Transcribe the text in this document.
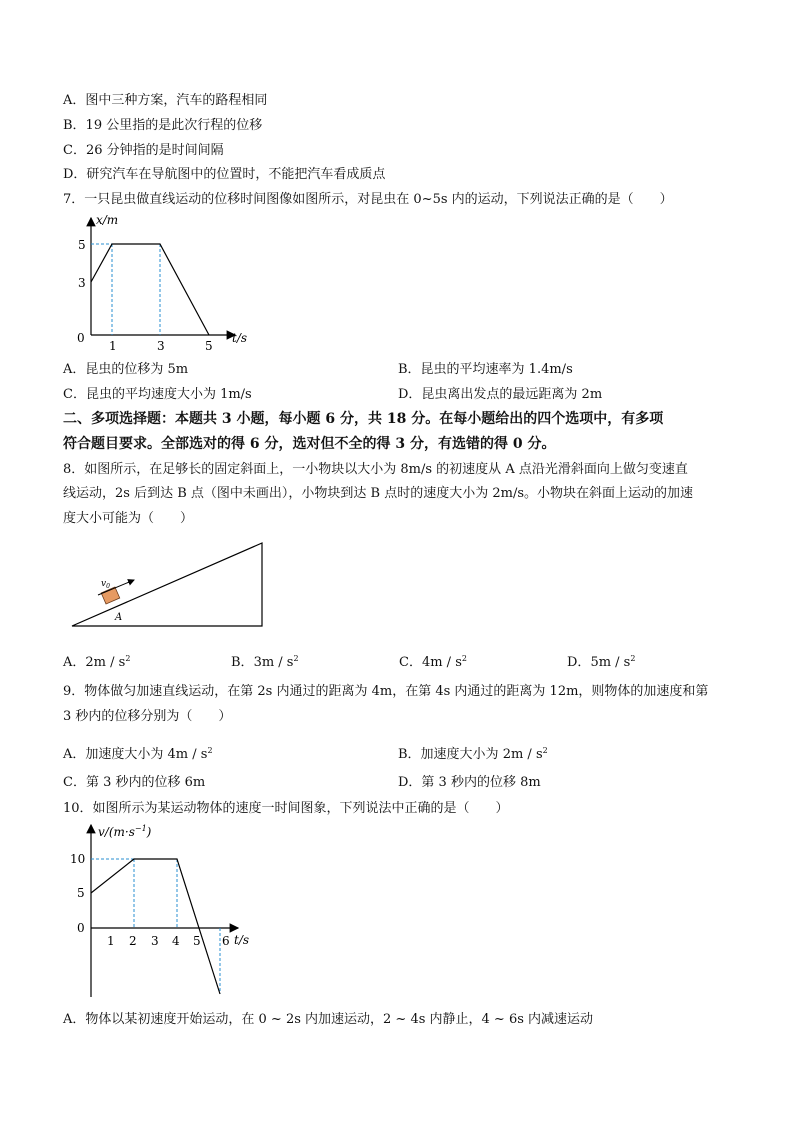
A．图中三种方案，汽车的路程相同
B．19 公里指的是此次行程的位移
C．26 分钟指的是时间间隔
D．研究汽车在导航图中的位置时，不能把汽车看成质点
7．一只昆虫做直线运动的位移时间图像如图所示，对昆虫在 0~5s 内的运动，下列说法正确的是（　　）
x/m
t/s
0
5
3
1	3	5
A．昆虫的位移为 5m	B．昆虫的平均速率为 1.4m/s
C．昆虫的平均速度大小为 1m/s	D．昆虫离出发点的最远距离为 2m
二、多项选择题：本题共 3 小题，每小题 6 分，共 18 分。在每小题给出的四个选项中，有多项
符合题目要求。全部选对的得 6 分，选对但不全的得 3 分，有选错的得 0 分。
8．如图所示，在足够长的固定斜面上，一小物块以大小为 8m/s 的初速度从 A 点沿光滑斜面向上做匀变速直
线运动，2s 后到达 B 点（图中未画出），小物块到达 B 点时的速度大小为 2m/s。小物块在斜面上运动的加速
度大小可能为（　　）
$v_0$
A
A．$2m / s^2$	B．$3m / s^2$	C．$4m / s^2$	D．$5m / s^2$
9．物体做匀加速直线运动，在第 2s 内通过的距离为 4m，在第 4s 内通过的距离为 12m，则物体的加速度和第
3 秒内的位移分别为（　　）
A．加速度大小为 $4m / s^2$	B．加速度大小为 $2m / s^2$
C．第 3 秒内的位移 6m	D．第 3 秒内的位移 8m
10．如图所示为某运动物体的速度一时间图象，下列说法中正确的是（　　）
$v/(m\cdot s^{-1})$
t/s
0
10
5
1 2 3 4 5 6
A．物体以某初速度开始运动，在 0 ~ 2s 内加速运动，2 ~ 4s 内静止，4 ~ 6s 内减速运动
